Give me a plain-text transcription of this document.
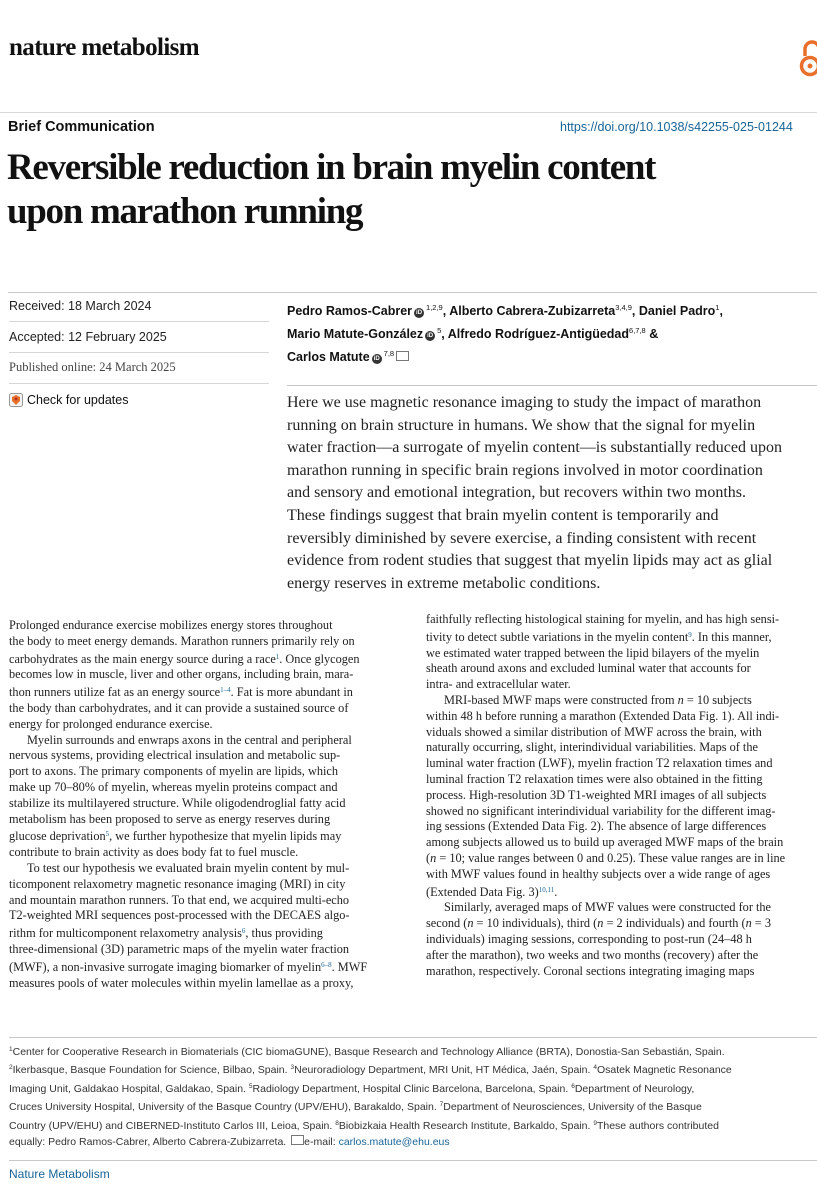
nature metabolism
Brief Communication	https://doi.org/10.1038/s42255-025-01244
Reversible reduction in brain myelin content
upon marathon running
Received: 18 March 2024
Accepted: 12 February 2025
Published online: 24 March 2025
Check for updates
Pedro Ramos-Cabrer iD$^{1,2,9}$, Alberto Cabrera-Zubizarreta$^{3,4,9}$, Daniel Padro$^1$,
Mario Matute-González $iD^5$, Alfredo Rodríguez-Antigüedad$^{6,7,8}$ &
Carlos Matute iD$^{7,8}$
Here we use magnetic resonance imaging to study the impact of marathon
running on brain structure in humans. We show that the signal for myelin
water fraction—a surrogate of myelin content—is substantially reduced upon
marathon running in specific brain regions involved in motor coordination
and sensory and emotional integration, but recovers within two months.
These findings suggest that brain myelin content is temporarily and
reversibly diminished by severe exercise, a finding consistent with recent
evidence from rodent studies that suggest that myelin lipids may act as glial
energy reserves in extreme metabolic conditions.
Prolonged endurance exercise mobilizes energy stores throughout
the body to meet energy demands. Marathon runners primarily rely on
carbohydrates as the main energy source during a race$^1$. Once glycogen
becomes low in muscle, liver and other organs, including brain, mara-
thon runners utilize fat as an energy source$^{1-4}$. Fat is more abundant in
the body than carbohydrates, and it can provide a sustained source of
energy for prolonged endurance exercise.
Myelin surrounds and enwraps axons in the central and peripheral
nervous systems, providing electrical insulation and metabolic sup-
port to axons. The primary components of myelin are lipids, which
make up 70–80% of myelin, whereas myelin proteins compact and
stabilize its multilayered structure. While oligodendroglial fatty acid
metabolism has been proposed to serve as energy reserves during
glucose deprivation$^5$, we further hypothesize that myelin lipids may
contribute to brain activity as does body fat to fuel muscle.
To test our hypothesis we evaluated brain myelin content by mul-
ticomponent relaxometry magnetic resonance imaging (MRI) in city
and mountain marathon runners. To that end, we acquired multi-echo
T2-weighted MRI sequences post-processed with the DECAES algo-
rithm for multicomponent relaxometry analysis$^6$, thus providing
three-dimensional (3D) parametric maps of the myelin water fraction
(MWF), a non-invasive surrogate imaging biomarker of myelin$^{6-8}$. MWF
measures pools of water molecules within myelin lamellae as a proxy,
faithfully reflecting histological staining for myelin, and has high sensi-
tivity to detect subtle variations in the myelin content$^9$. In this manner,
we estimated water trapped between the lipid bilayers of the myelin
sheath around axons and excluded luminal water that accounts for
intra- and extracellular water.
MRI-based MWF maps were constructed from n = 10 subjects
within 48 h before running a marathon (Extended Data Fig. 1). All indi-
viduals showed a similar distribution of MWF across the brain, with
naturally occurring, slight, interindividual variabilities. Maps of the
luminal water fraction (LWF), myelin fraction T2 relaxation times and
luminal fraction T2 relaxation times were also obtained in the fitting
process. High-resolution 3D T1-weighted MRI images of all subjects
showed no significant interindividual variability for the different imag-
ing sessions (Extended Data Fig. 2). The absence of large differences
among subjects allowed us to build up averaged MWF maps of the brain
(n = 10; value ranges between 0 and 0.25). These value ranges are in line
with MWF values found in healthy subjects over a wide range of ages
(Extended Data Fig. 3)$^{10,11}$.
Similarly, averaged maps of MWF values were constructed for the
second (n = 10 individuals), third (n = 2 individuals) and fourth (n = 3
individuals) imaging sessions, corresponding to post-run (24–48 h
after the marathon), two weeks and two months (recovery) after the
marathon, respectively. Coronal sections integrating imaging maps
$^1$Center for Cooperative Research in Biomaterials (CIC biomaGUNE), Basque Research and Technology Alliance (BRTA), Donostia-San Sebastián, Spain.
$^2$Ikerbasque, Basque Foundation for Science, Bilbao, Spain. $^3$Neuroradiology Department, MRI Unit, HT Médica, Jaén, Spain. $^4$Osatek Magnetic Resonance
Imaging Unit, Galdakao Hospital, Galdakao, Spain. $^5$Radiology Department, Hospital Clinic Barcelona, Barcelona, Spain. $^6$Department of Neurology,
Cruces University Hospital, University of the Basque Country (UPV/EHU), Barakaldo, Spain. $^7$Department of Neurosciences, University of the Basque
Country (UPV/EHU) and CIBERNED-Instituto Carlos III, Leioa, Spain. $^8$Biobizkaia Health Research Institute, Barkaldo, Spain. $^9$These authors contributed
equally: Pedro Ramos-Cabrer, Alberto Cabrera-Zubizarreta. e-mail: carlos.matute@ehu.eus
Nature Metabolism
